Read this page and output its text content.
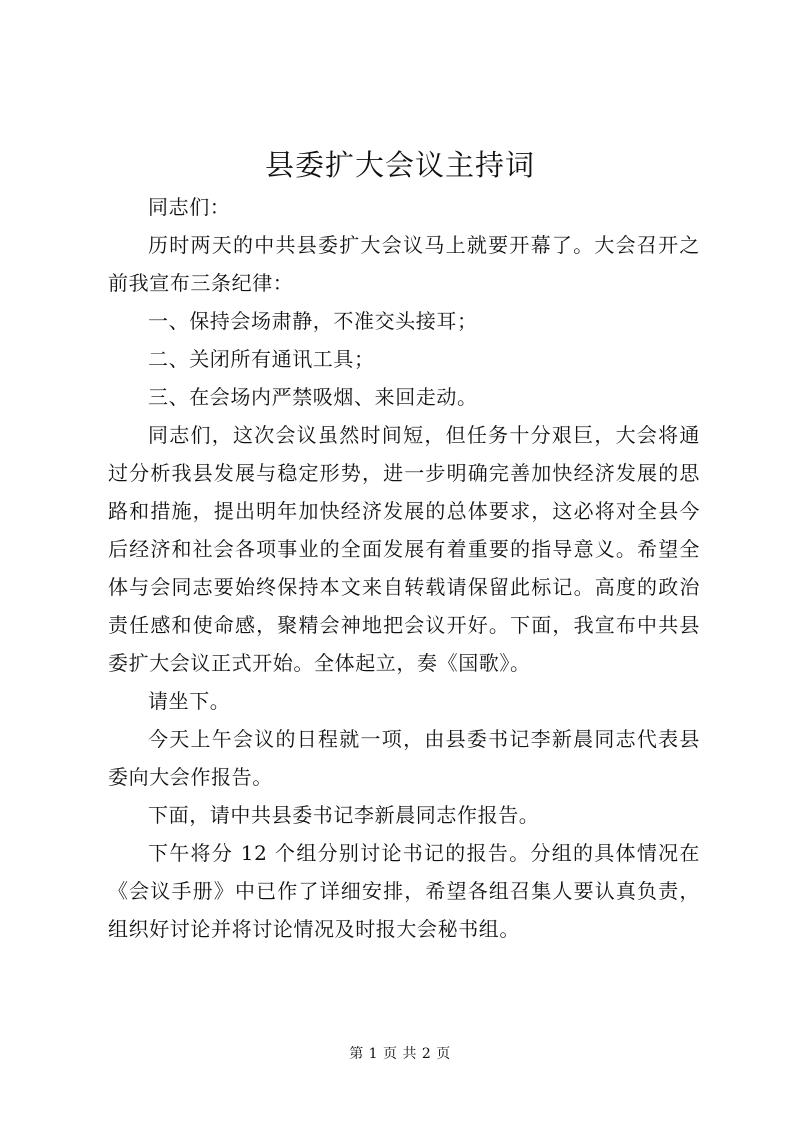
县委扩大会议主持词

同志们：

历时两天的中共县委扩大会议马上就要开幕了。大会召开之前我宣布三条纪律：

一、保持会场肃静，不准交头接耳；

二、关闭所有通讯工具；

三、在会场内严禁吸烟、来回走动。

同志们，这次会议虽然时间短，但任务十分艰巨，大会将通过分析我县发展与稳定形势，进一步明确完善加快经济发展的思路和措施，提出明年加快经济发展的总体要求，这必将对全县今后经济和社会各项事业的全面发展有着重要的指导意义。希望全体与会同志要始终保持本文来自转载请保留此标记。高度的政治责任感和使命感，聚精会神地把会议开好。下面，我宣布中共县委扩大会议正式开始。全体起立，奏《国歌》。

请坐下。

今天上午会议的日程就一项，由县委书记李新晨同志代表县委向大会作报告。

下面，请中共县委书记李新晨同志作报告。

下午将分 12 个组分别讨论书记的报告。分组的具体情况在《会议手册》中已作了详细安排，希望各组召集人要认真负责，组织好讨论并将讨论情况及时报大会秘书组。

第 1 页 共 2 页
